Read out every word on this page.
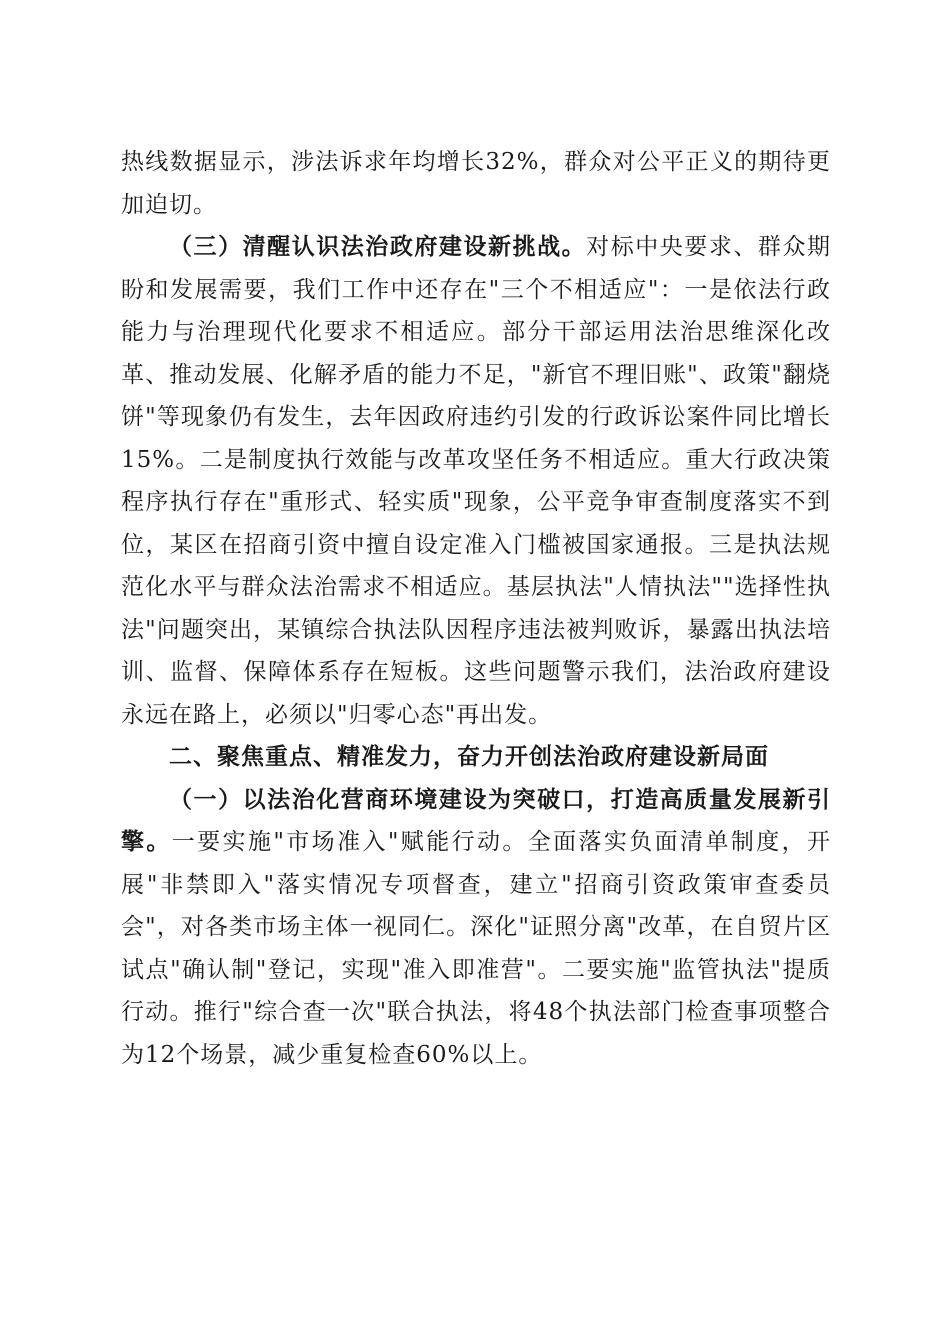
热线数据显示，涉法诉求年均增长32%，群众对公平正义的期待更加迫切。

（三）清醒认识法治政府建设新挑战。对标中央要求、群众期盼和发展需要，我们工作中还存在"三个不相适应"：一是依法行政能力与治理现代化要求不相适应。部分干部运用法治思维深化改革、推动发展、化解矛盾的能力不足，"新官不理旧账"、政策"翻烧饼"等现象仍有发生，去年因政府违约引发的行政诉讼案件同比增长15%。二是制度执行效能与改革攻坚任务不相适应。重大行政决策程序执行存在"重形式、轻实质"现象，公平竞争审查制度落实不到位，某区在招商引资中擅自设定准入门槛被国家通报。三是执法规范化水平与群众法治需求不相适应。基层执法"人情执法""选择性执法"问题突出，某镇综合执法队因程序违法被判败诉，暴露出执法培训、监督、保障体系存在短板。这些问题警示我们，法治政府建设永远在路上，必须以"归零心态"再出发。

二、聚焦重点、精准发力，奋力开创法治政府建设新局面

（一）以法治化营商环境建设为突破口，打造高质量发展新引擎。一要实施"市场准入"赋能行动。全面落实负面清单制度，开展"非禁即入"落实情况专项督查，建立"招商引资政策审查委员会"，对各类市场主体一视同仁。深化"证照分离"改革，在自贸片区试点"确认制"登记，实现"准入即准营"。二要实施"监管执法"提质行动。推行"综合查一次"联合执法，将48个执法部门检查事项整合为12个场景，减少重复检查60%以上。
